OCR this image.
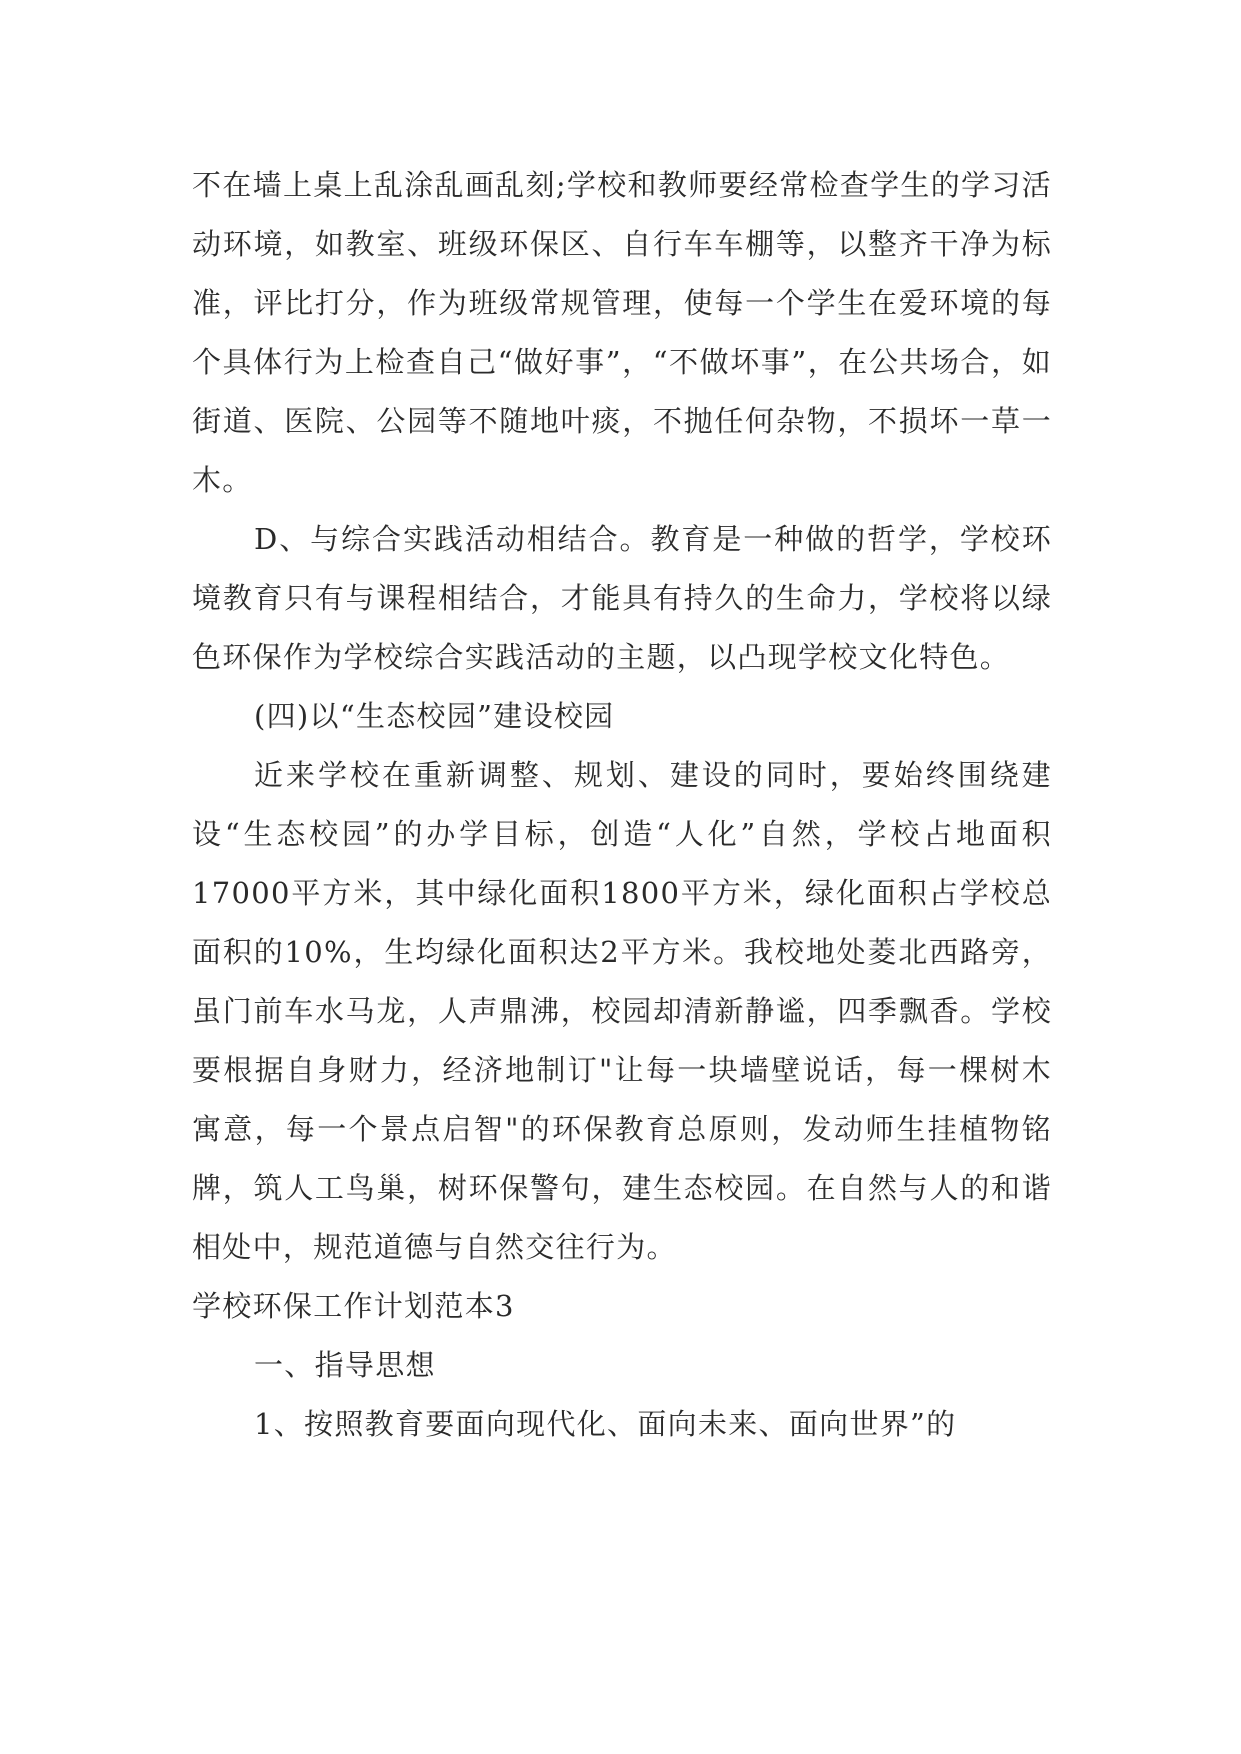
不在墙上桌上乱涂乱画乱刻;学校和教师要经常检查学生的学习活动环境，如教室、班级环保区、自行车车棚等，以整齐干净为标准，评比打分，作为班级常规管理，使每一个学生在爱环境的每个具体行为上检查自己“做好事”，“不做坏事”，在公共场合，如街道、医院、公园等不随地叶痰，不抛任何杂物，不损坏一草一木。

D、与综合实践活动相结合。教育是一种做的哲学，学校环境教育只有与课程相结合，才能具有持久的生命力，学校将以绿色环保作为学校综合实践活动的主题，以凸现学校文化特色。

(四)以“生态校园”建设校园

近来学校在重新调整、规划、建设的同时，要始终围绕建设“生态校园”的办学目标，创造“人化”自然，学校占地面积17000平方米，其中绿化面积1800平方米，绿化面积占学校总面积的10%，生均绿化面积达2平方米。我校地处菱北西路旁，虽门前车水马龙，人声鼎沸，校园却清新静谧，四季飘香。学校要根据自身财力，经济地制订"让每一块墙壁说话，每一棵树木寓意，每一个景点启智"的环保教育总原则，发动师生挂植物铭牌，筑人工鸟巢，树环保警句，建生态校园。在自然与人的和谐相处中，规范道德与自然交往行为。

学校环保工作计划范本3

一、指导思想

1、按照教育要面向现代化、面向未来、面向世界”的
